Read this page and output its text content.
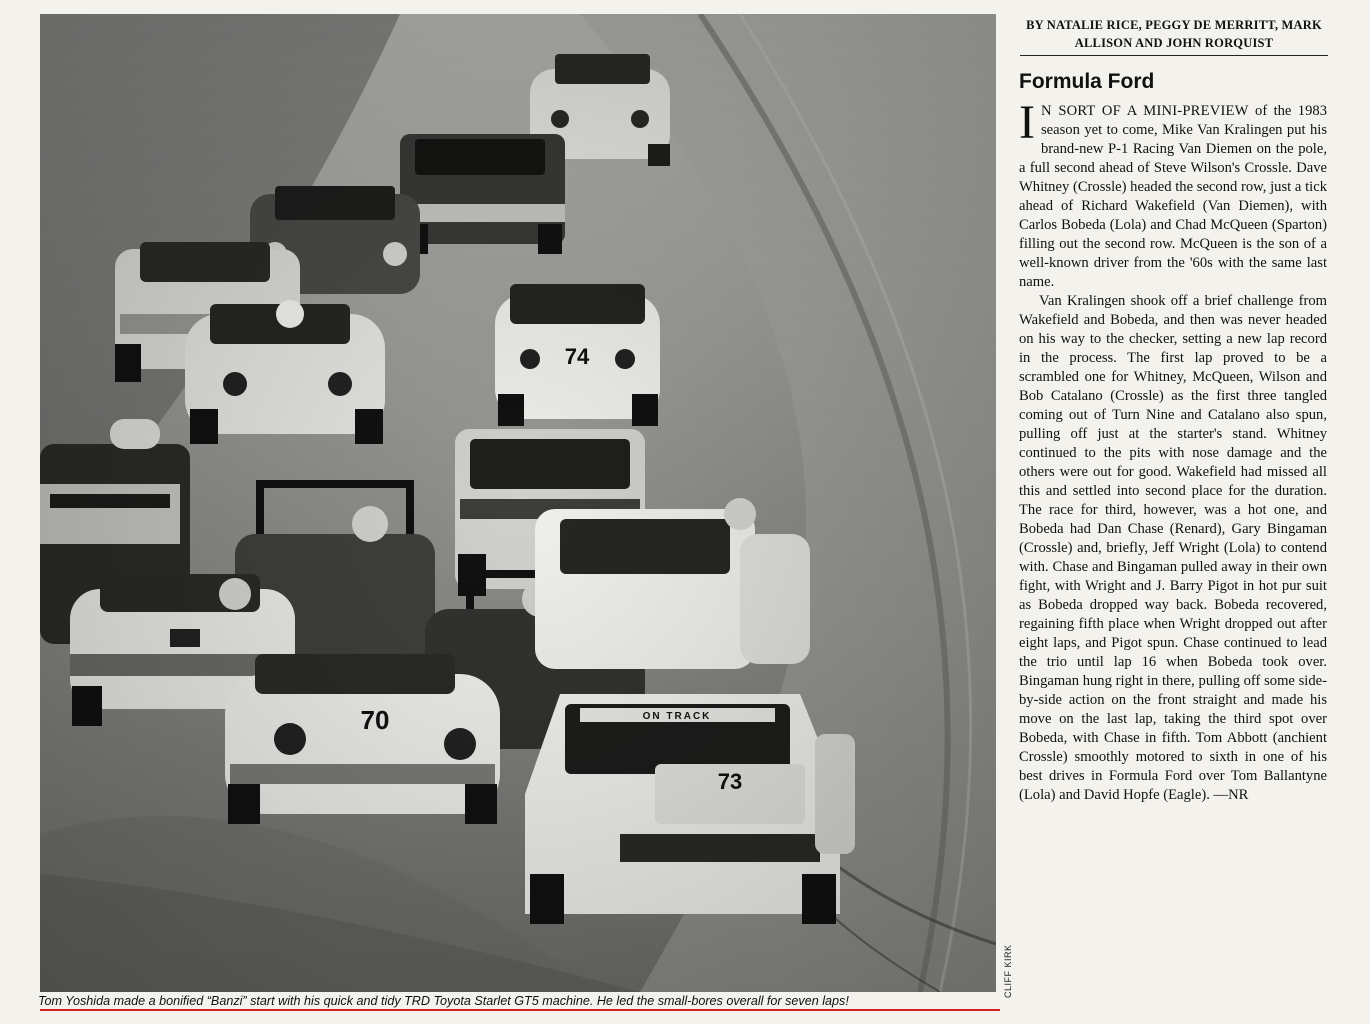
CLIFF KIRK
Tom Yoshida made a bonified “Banzi” start with his quick and tidy TRD Toyota Starlet GT5 machine. He led the small-bores overall for seven laps!
BY NATALIE RICE, PEGGY DE MERRITT, MARK ALLISON AND JOHN RORQUIST
Formula Ford

I N SORT OF A MINI-PREVIEW of the 1983 season yet to come, Mike Van Kralingen put his brand-new P-1 Racing Van Diemen on the pole, a full second ahead of Steve Wilson's Crossle. Dave Whitney (Crossle) headed the second row, just a tick ahead of Richard Wakefield (Van Diemen), with Carlos Bobeda (Lola) and Chad McQueen (Sparton) filling out the second row. McQueen is the son of a well-known driver from the '60s with the same last name.

Van Kralingen shook off a brief challenge from Wakefield and Bobeda, and then was never headed on his way to the checker, setting a new lap record in the process. The first lap proved to be a scrambled one for Whitney, McQueen, Wilson and Bob Catalano (Crossle) as the first three tangled coming out of Turn Nine and Catalano also spun, pulling off just at the starter's stand. Whitney continued to the pits with nose damage and the others were out for good. Wakefield had missed all this and settled into second place for the duration. The race for third, however, was a hot one, and Bobeda had Dan Chase (Renard), Gary Bingaman (Crossle) and, briefly, Jeff Wright (Lola) to contend with. Chase and Bingaman pulled away in their own fight, with Wright and J. Barry Pigot in hot pur suit as Bobeda dropped way back. Bobeda recovered, regaining fifth place when Wright dropped out after eight laps, and Pigot spun. Chase continued to lead the trio until lap 16 when Bobeda took over. Bingaman hung right in there, pulling off some side-by-side action on the front straight and made his move on the last lap, taking the third spot over Bobeda, with Chase in fifth. Tom Abbott (anchient Crossle) smoothly motored to sixth in one of his best drives in Formula Ford over Tom Ballantyne (Lola) and David Hopfe (Eagle). —NR
